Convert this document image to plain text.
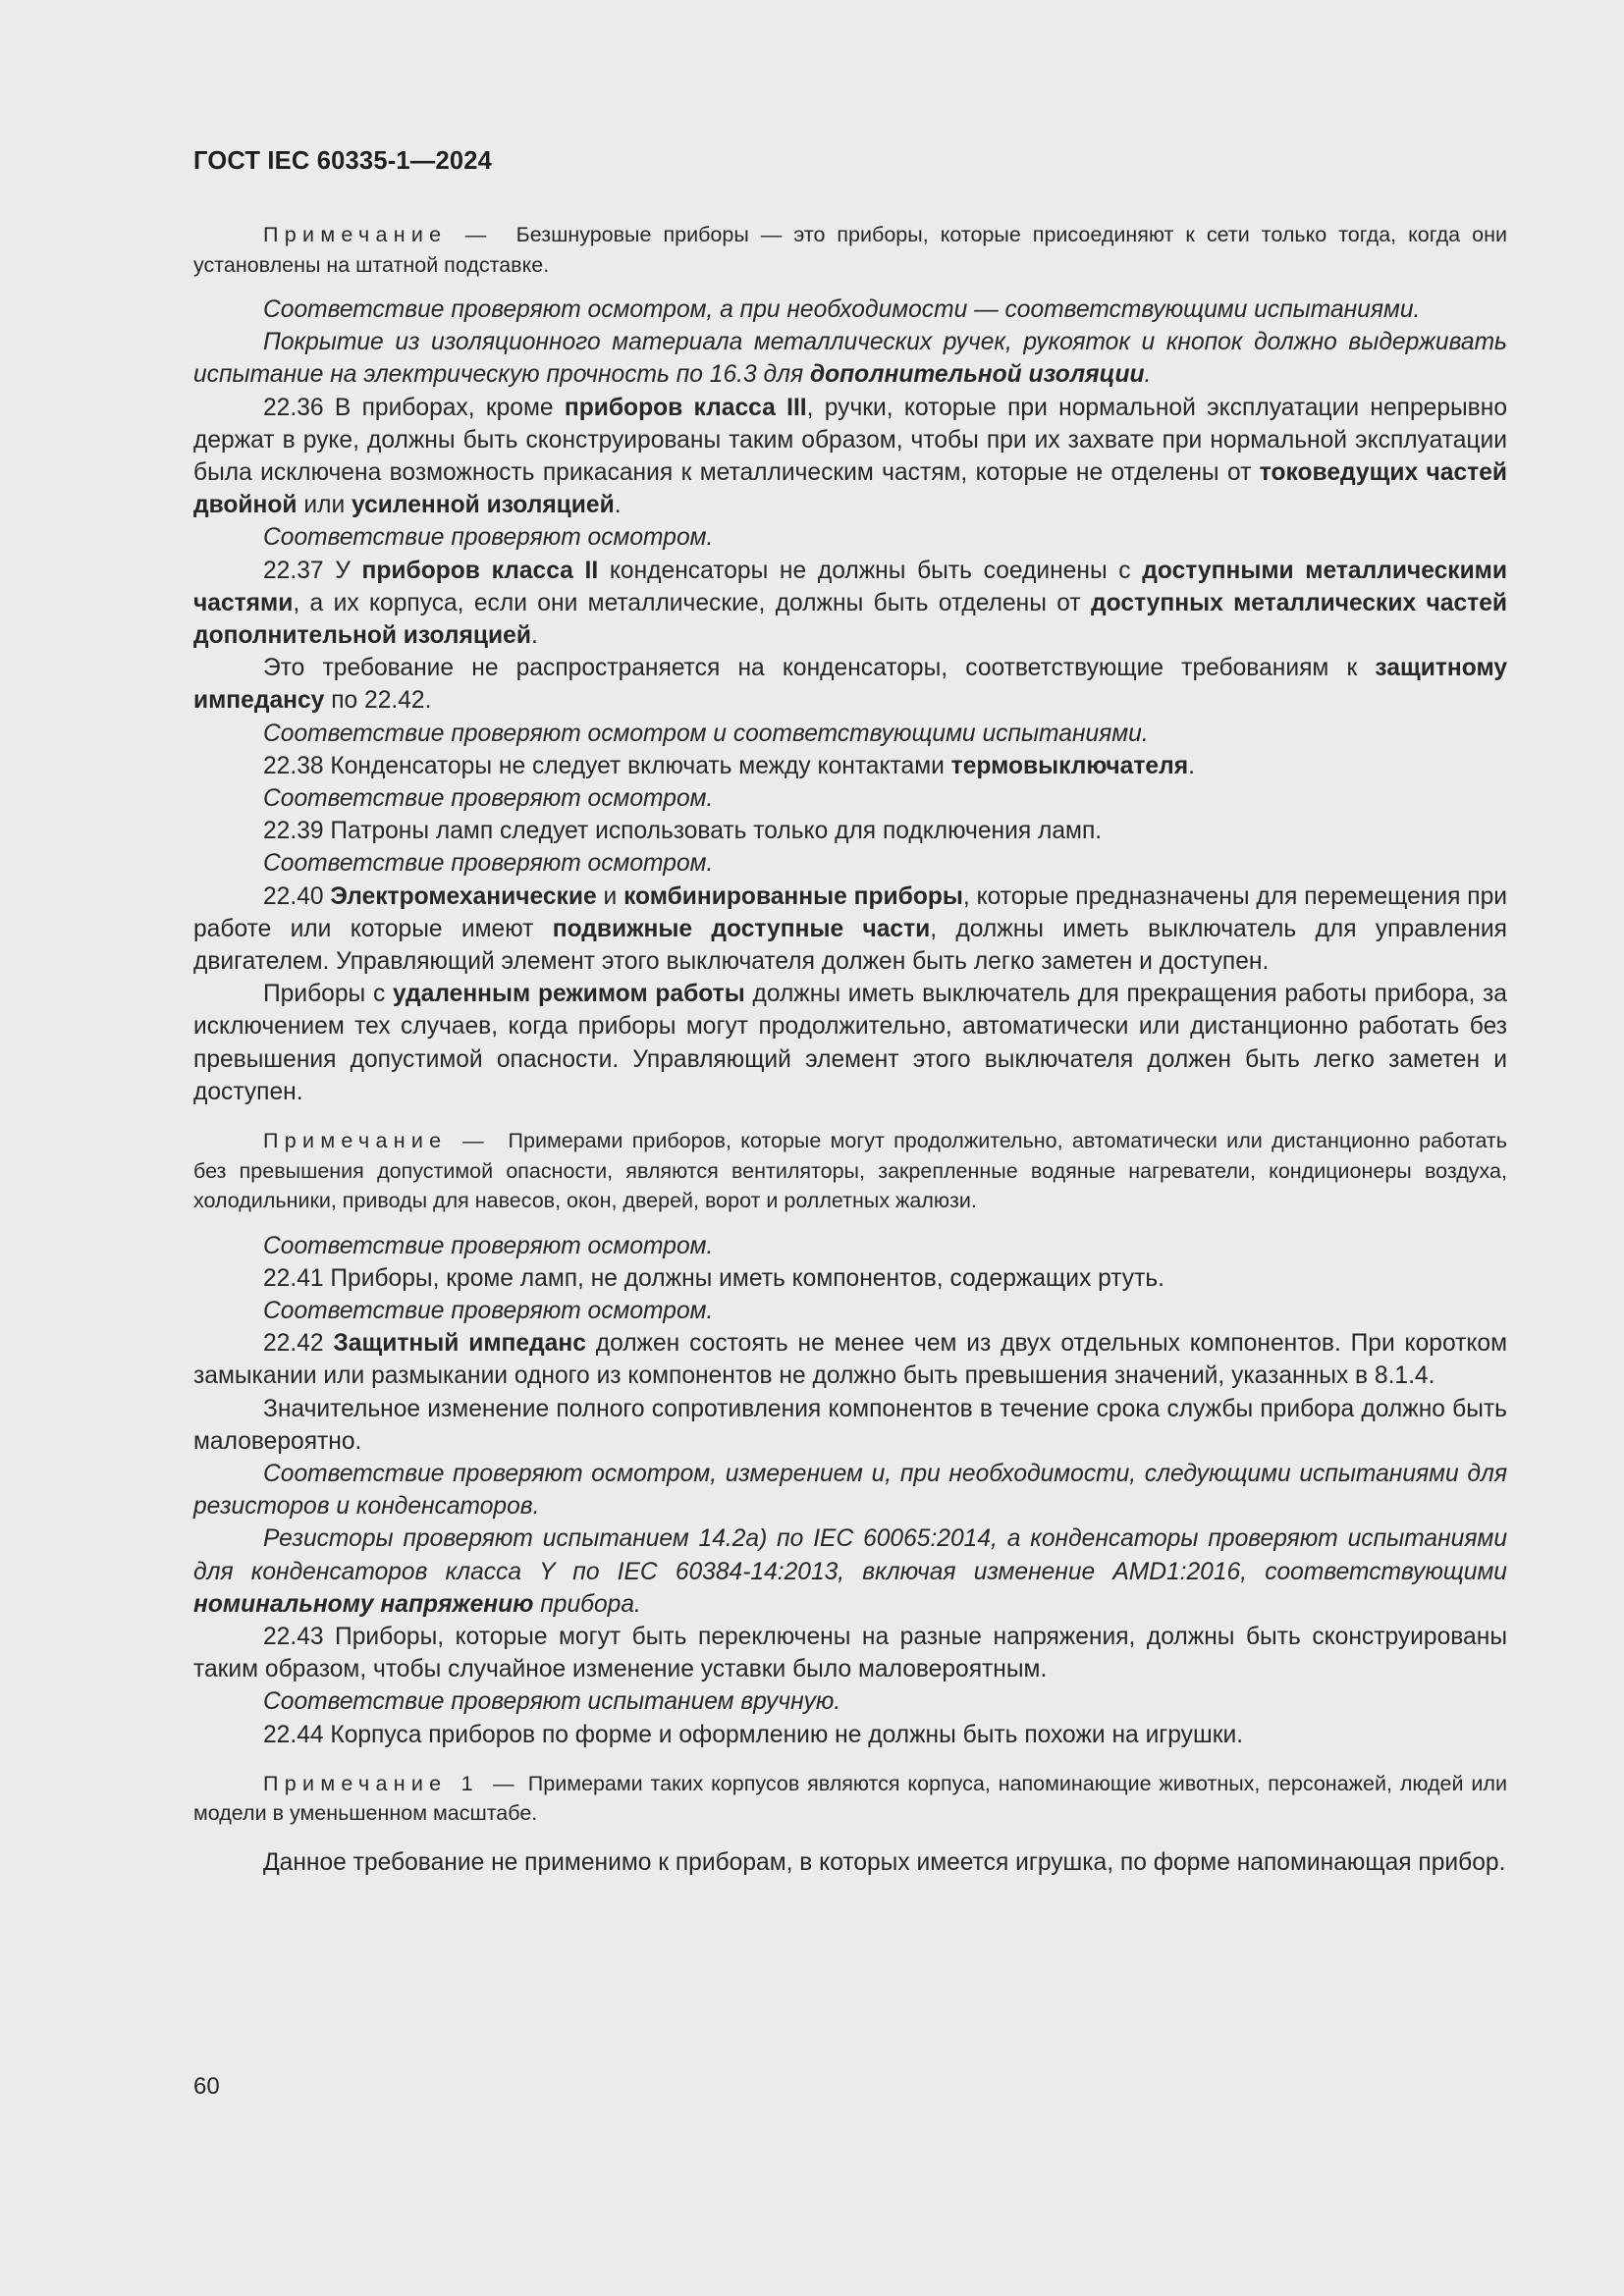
ГОСТ IEC 60335-1—2024

Примечание — Безшнуровые приборы — это приборы, которые присоединяют к сети только тогда, когда они установлены на штатной подставке.

Соответствие проверяют осмотром, а при необходимости — соответствующими испытаниями.

Покрытие из изоляционного материала металлических ручек, рукояток и кнопок должно выдерживать испытание на электрическую прочность по 16.3 для дополнительной изоляции.

22.36 В приборах, кроме приборов класса III, ручки, которые при нормальной эксплуатации непрерывно держат в руке, должны быть сконструированы таким образом, чтобы при их захвате при нормальной эксплуатации была исключена возможность прикасания к металлическим частям, которые не отделены от токоведущих частей двойной или усиленной изоляцией.

Соответствие проверяют осмотром.

22.37 У приборов класса II конденсаторы не должны быть соединены с доступными металлическими частями, а их корпуса, если они металлические, должны быть отделены от доступных металлических частей дополнительной изоляцией.

Это требование не распространяется на конденсаторы, соответствующие требованиям к защитному импедансу по 22.42.

Соответствие проверяют осмотром и соответствующими испытаниями.

22.38 Конденсаторы не следует включать между контактами термовыключателя.

Соответствие проверяют осмотром.

22.39 Патроны ламп следует использовать только для подключения ламп.

Соответствие проверяют осмотром.

22.40 Электромеханические и комбинированные приборы, которые предназначены для перемещения при работе или которые имеют подвижные доступные части, должны иметь выключатель для управления двигателем. Управляющий элемент этого выключателя должен быть легко заметен и доступен.

Приборы с удаленным режимом работы должны иметь выключатель для прекращения работы прибора, за исключением тех случаев, когда приборы могут продолжительно, автоматически или дистанционно работать без превышения допустимой опасности. Управляющий элемент этого выключателя должен быть легко заметен и доступен.

Примечание — Примерами приборов, которые могут продолжительно, автоматически или дистанционно работать без превышения допустимой опасности, являются вентиляторы, закрепленные водяные нагреватели, кондиционеры воздуха, холодильники, приводы для навесов, окон, дверей, ворот и роллетных жалюзи.

Соответствие проверяют осмотром.

22.41 Приборы, кроме ламп, не должны иметь компонентов, содержащих ртуть.

Соответствие проверяют осмотром.

22.42 Защитный импеданс должен состоять не менее чем из двух отдельных компонентов. При коротком замыкании или размыкании одного из компонентов не должно быть превышения значений, указанных в 8.1.4.

Значительное изменение полного сопротивления компонентов в течение срока службы прибора должно быть маловероятно.

Соответствие проверяют осмотром, измерением и, при необходимости, следующими испытаниями для резисторов и конденсаторов.

Резисторы проверяют испытанием 14.2а) по IEC 60065:2014, а конденсаторы проверяют испытаниями для конденсаторов класса Y по IEC 60384-14:2013, включая изменение AMD1:2016, соответствующими номинальному напряжению прибора.

22.43 Приборы, которые могут быть переключены на разные напряжения, должны быть сконструированы таким образом, чтобы случайное изменение уставки было маловероятным.

Соответствие проверяют испытанием вручную.

22.44 Корпуса приборов по форме и оформлению не должны быть похожи на игрушки.

Примечание 1 — Примерами таких корпусов являются корпуса, напоминающие животных, персонажей, людей или модели в уменьшенном масштабе.

Данное требование не применимо к приборам, в которых имеется игрушка, по форме напоминающая прибор.

60
